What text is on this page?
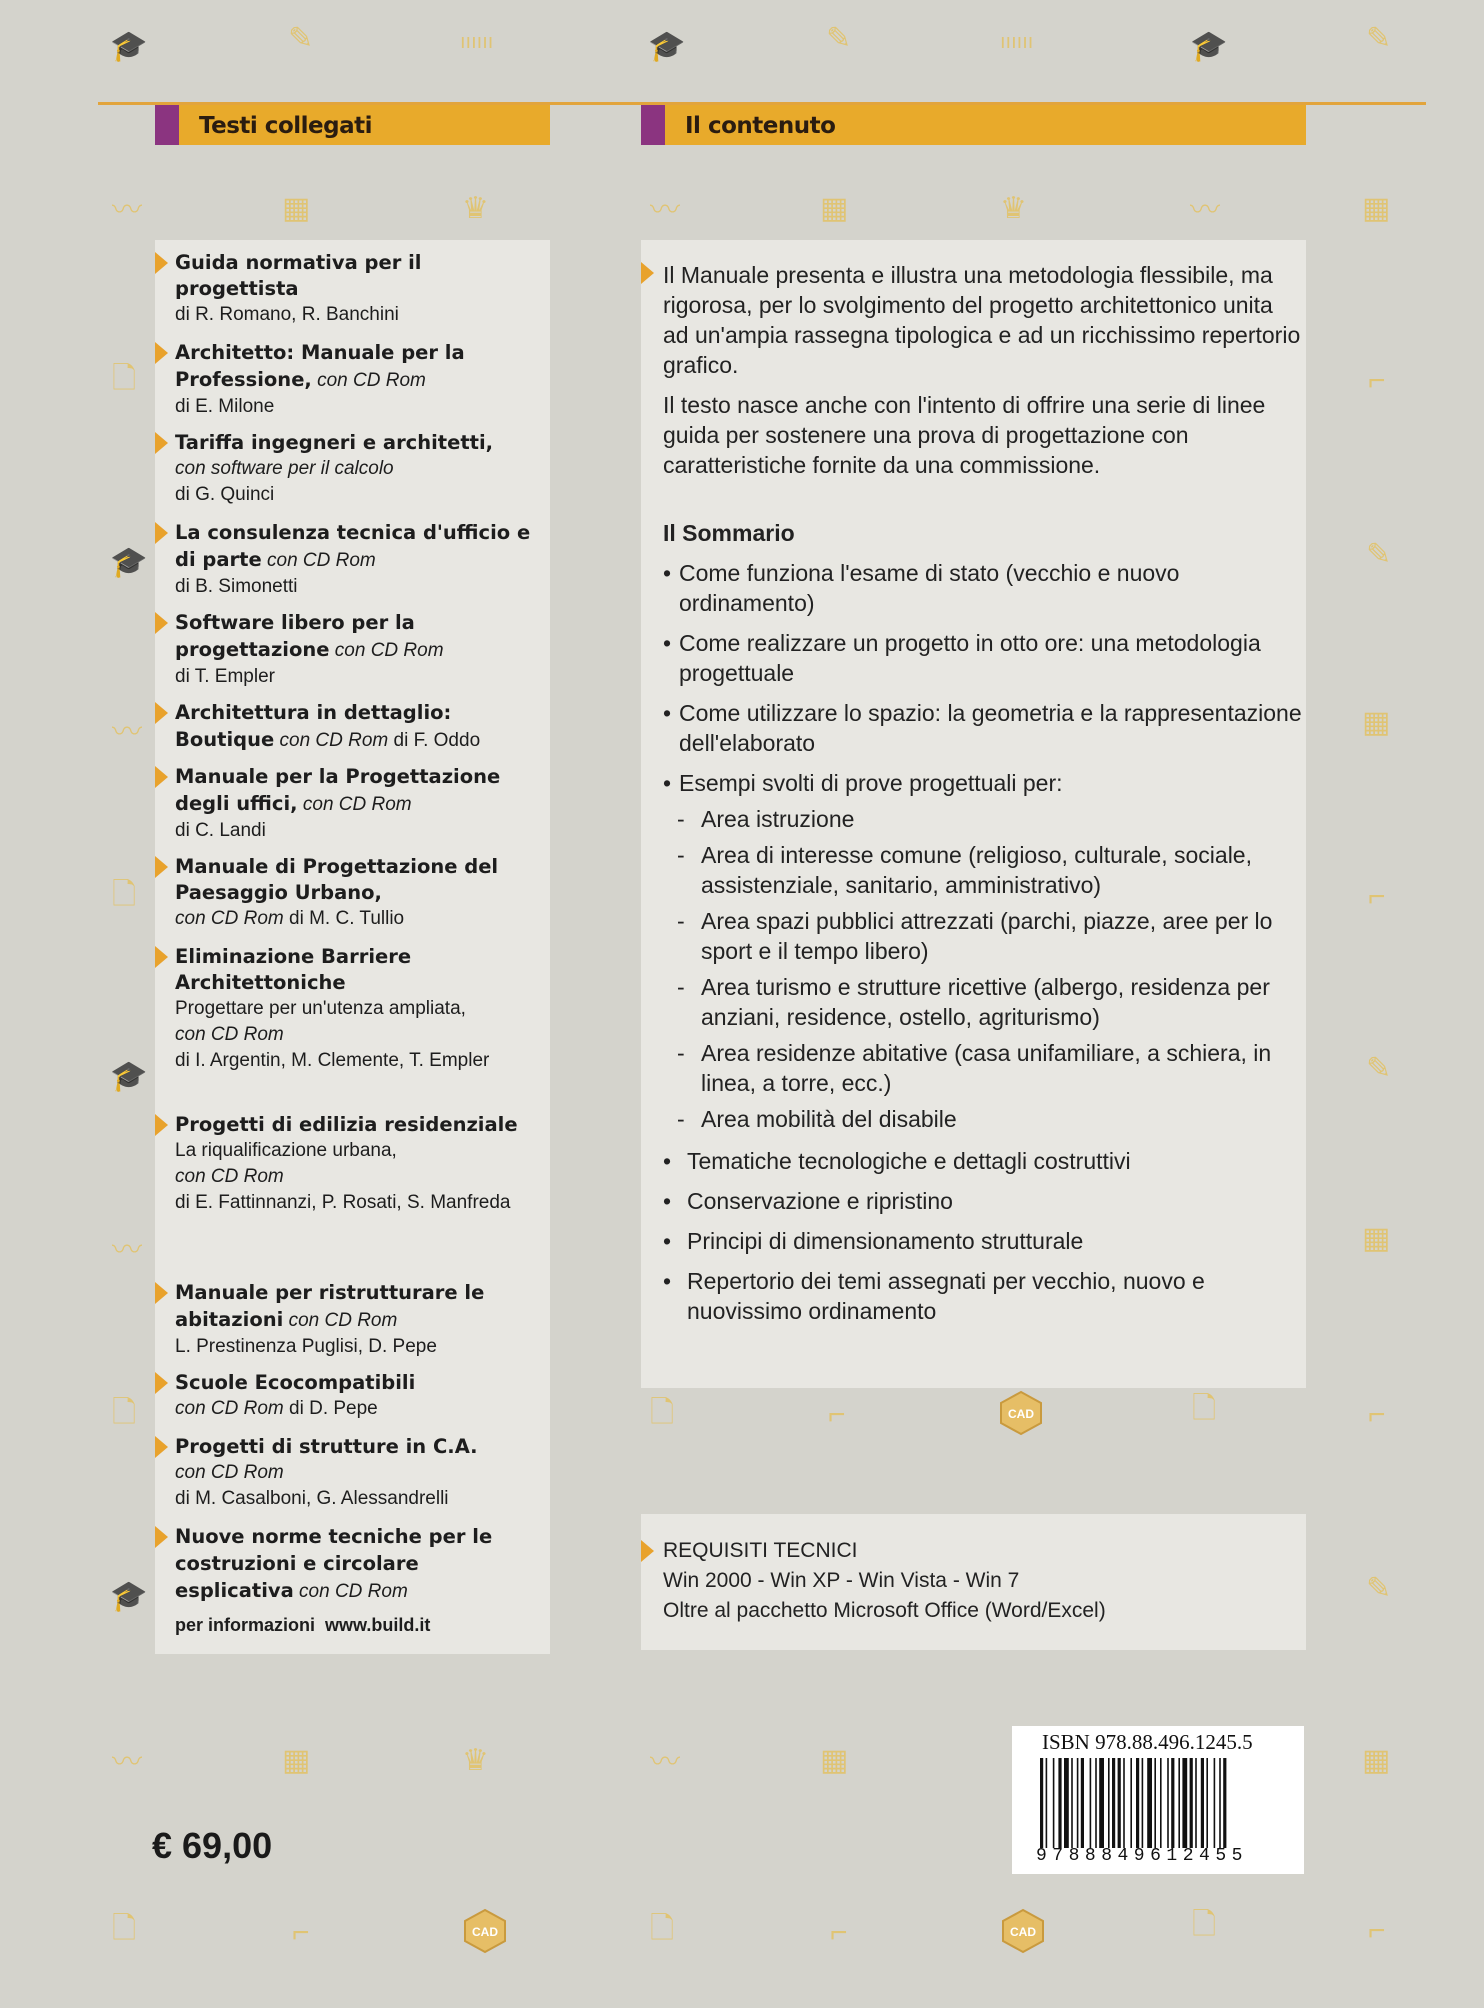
🎓	✎	ıııııı	🎓	✎	ıııııı	🎓	✎
〰	▦	♛	〰	▦	♛	〰	▦
🗋	⌐
🎓	✎
〰	▦
🗋	⌐
🎓	✎
〰	▦
🗋	⌐
🎓	✎
🗋	⌐	🗋
〰	▦	♛	〰	▦	▦
🗋	⌐	🗋	⌐	🗋	⌐
CAD
CAD	CAD
Testi collegati	Il contenuto
Guida normativa per il progettista
di R. Romano, R. Banchini
Architetto: Manuale per la Professione, con CD Rom
di E. Milone
Tariffa ingegneri e architetti,
con software per il calcolo
di G. Quinci
La consulenza tecnica d'ufficio e di parte con CD Rom
di B. Simonetti
Software libero per la progettazione con CD Rom
di T. Empler
Architettura in dettaglio: Boutique con CD Rom di F. Oddo
Manuale per la Progettazione degli uffici, con CD Rom
di C. Landi
Manuale di Progettazione del Paesaggio Urbano,
con CD Rom di M. C. Tullio
Eliminazione Barriere Architettoniche
Progettare per un'utenza ampliata,
con CD Rom
di I. Argentin, M. Clemente, T. Empler
Progetti di edilizia residenziale
La riqualificazione urbana,
con CD Rom
di E. Fattinnanzi, P. Rosati, S. Manfreda
Manuale per ristrutturare le abitazioni con CD Rom
L. Prestinenza Puglisi, D. Pepe
Scuole Ecocompatibili
con CD Rom di D. Pepe
Progetti di strutture in C.A.
con CD Rom
di M. Casalboni, G. Alessandrelli
Nuove norme tecniche per le costruzioni e circolare esplicativa con CD Rom
per informazioni www.build.it

Il Manuale presenta e illustra una metodologia flessibile, ma rigorosa, per lo svolgimento del progetto architettonico unita ad un'ampia rassegna tipologica e ad un ricchissimo repertorio grafico.

Il testo nasce anche con l'intento di offrire una serie di linee guida per sostenere una prova di progettazione con caratteristiche fornite da una commissione.

Il Sommario

• Come funziona l'esame di stato (vecchio e nuovo ordinamento)

• Come realizzare un progetto in otto ore: una metodologia progettuale

• Come utilizzare lo spazio: la geometria e la rappresentazione dell'elaborato

• Esempi svolti di prove progettuali per:

- Area istruzione

- Area di interesse comune (religioso, culturale, sociale, assistenziale, sanitario, amministrativo)

- Area spazi pubblici attrezzati (parchi, piazze, aree per lo sport e il tempo libero)

- Area turismo e strutture ricettive (albergo, residenza per anziani, residence, ostello, agriturismo)

- Area residenze abitative (casa unifamiliare, a schiera, in linea, a torre, ecc.)

- Area mobilità del disabile

• Tematiche tecnologiche e dettagli costruttivi

• Conservazione e ripristino

• Principi di dimensionamento strutturale

• Repertorio dei temi assegnati per vecchio, nuovo e nuovissimo ordinamento

REQUISITI TECNICI

Win 2000 - Win XP - Win Vista - Win 7

Oltre al pacchetto Microsoft Office (Word/Excel)

€ 69,00
ISBN 978.88.496.1245.5
9788849612455
